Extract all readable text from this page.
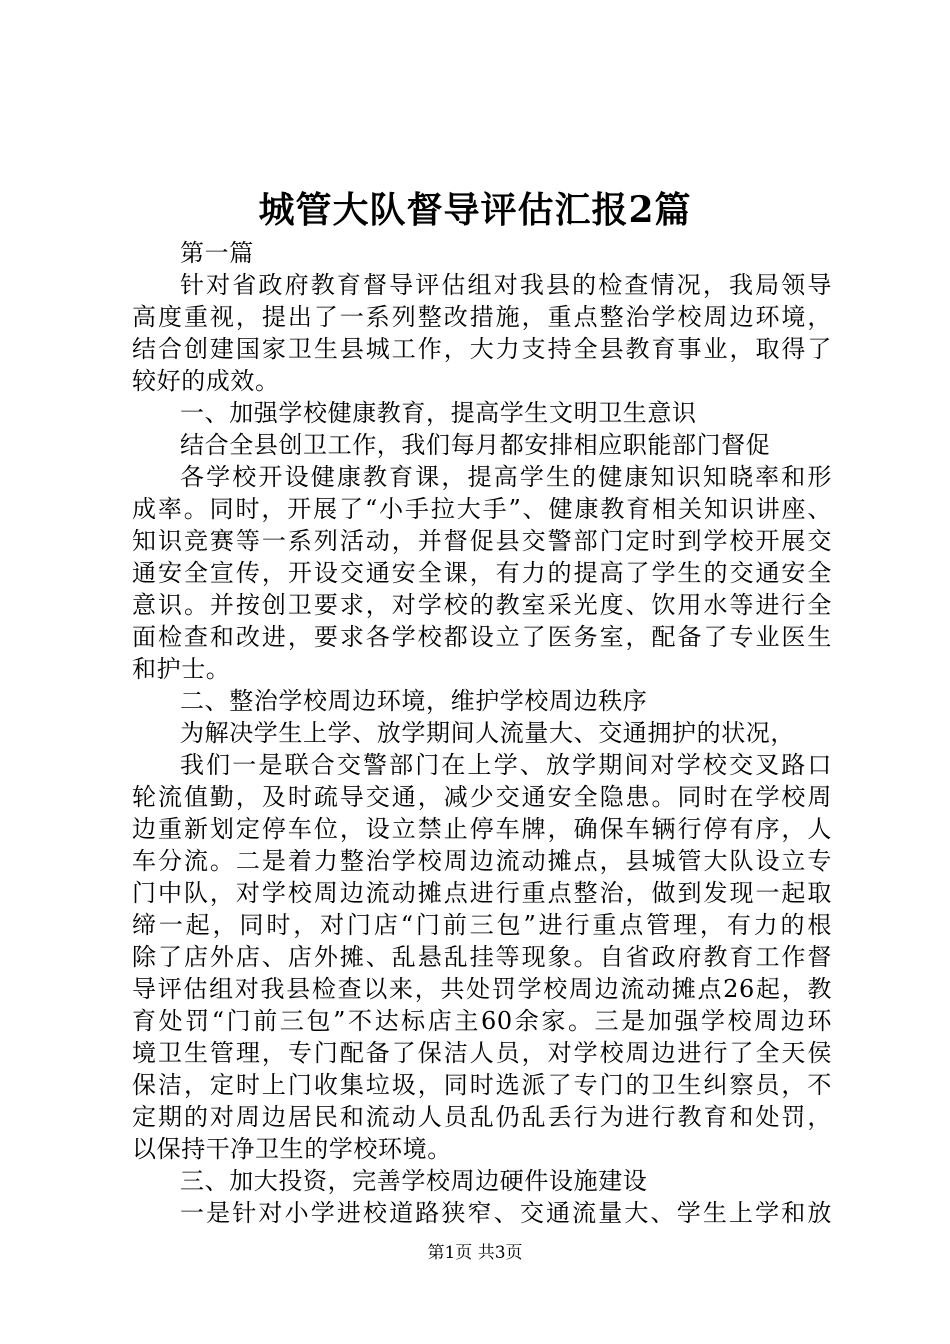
城管大队督导评估汇报2篇
第一篇
针对省政府教育督导评估组对我县的检查情况，我局领导
高度重视，提出了一系列整改措施，重点整治学校周边环境，
结合创建国家卫生县城工作，大力支持全县教育事业，取得了
较好的成效。
一、加强学校健康教育，提高学生文明卫生意识
结合全县创卫工作，我们每月都安排相应职能部门督促
各学校开设健康教育课，提高学生的健康知识知晓率和形
成率。同时，开展了“小手拉大手”、健康教育相关知识讲座、
知识竞赛等一系列活动，并督促县交警部门定时到学校开展交
通安全宣传，开设交通安全课，有力的提高了学生的交通安全
意识。并按创卫要求，对学校的教室采光度、饮用水等进行全
面检查和改进，要求各学校都设立了医务室，配备了专业医生
和护士。
二、整治学校周边环境，维护学校周边秩序
为解决学生上学、放学期间人流量大、交通拥护的状况，
我们一是联合交警部门在上学、放学期间对学校交叉路口
轮流值勤，及时疏导交通，减少交通安全隐患。同时在学校周
边重新划定停车位，设立禁止停车牌，确保车辆行停有序，人
车分流。二是着力整治学校周边流动摊点，县城管大队设立专
门中队，对学校周边流动摊点进行重点整治，做到发现一起取
缔一起，同时，对门店“门前三包”进行重点管理，有力的根
除了店外店、店外摊、乱悬乱挂等现象。自省政府教育工作督
导评估组对我县检查以来，共处罚学校周边流动摊点26起，教
育处罚“门前三包”不达标店主60余家。三是加强学校周边环
境卫生管理，专门配备了保洁人员，对学校周边进行了全天侯
保洁，定时上门收集垃圾，同时选派了专门的卫生纠察员，不
定期的对周边居民和流动人员乱仍乱丢行为进行教育和处罚，
以保持干净卫生的学校环境。
三、加大投资，完善学校周边硬件设施建设
一是针对小学进校道路狭窄、交通流量大、学生上学和放
第1页 共3页
